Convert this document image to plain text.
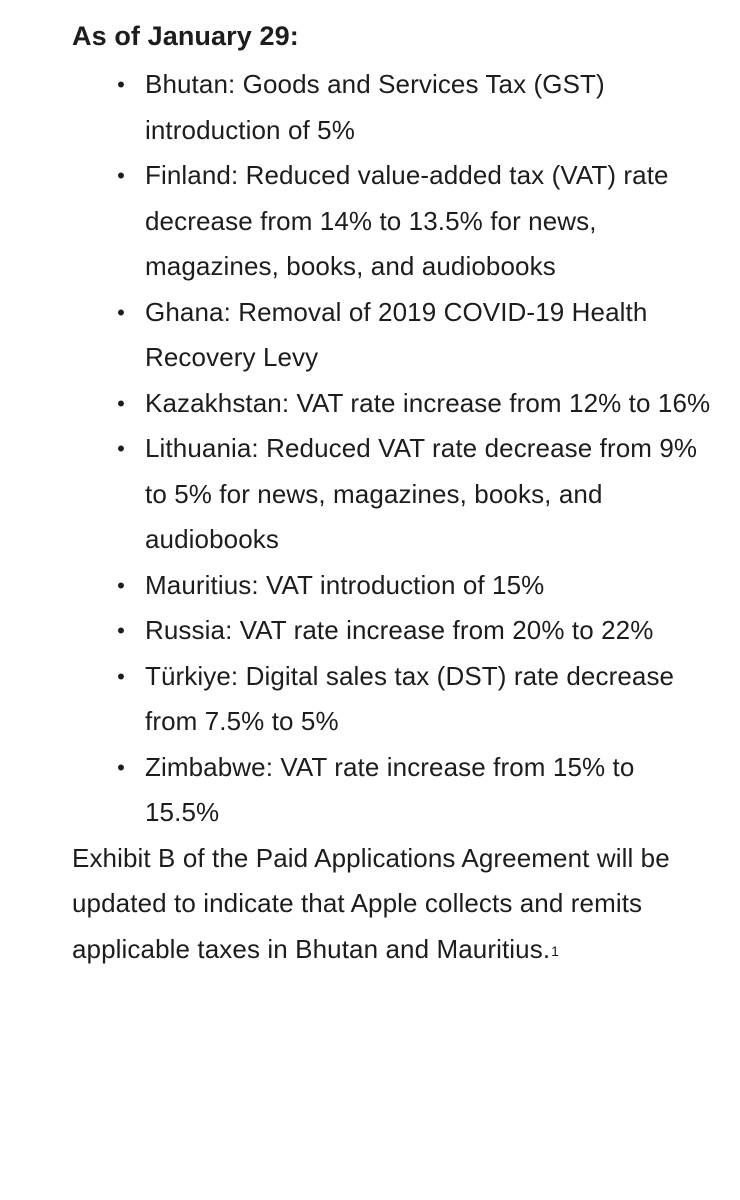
As of January 29:
• Bhutan: Goods and Services Tax (GST) introduction of 5%
• Finland: Reduced value-added tax (VAT) rate decrease from 14% to 13.5% for news, magazines, books, and audiobooks
• Ghana: Removal of 2019 COVID-19 Health Recovery Levy
• Kazakhstan: VAT rate increase from 12% to 16%
• Lithuania: Reduced VAT rate decrease from 9% to 5% for news, magazines, books, and audiobooks
• Mauritius: VAT introduction of 15%
• Russia: VAT rate increase from 20% to 22%
• Türkiye: Digital sales tax (DST) rate decrease from 7.5% to 5%
• Zimbabwe: VAT rate increase from 15% to 15.5%

Exhibit B of the Paid Applications Agreement will be updated to indicate that Apple collects and remits applicable taxes in Bhutan and Mauritius.$^1$
